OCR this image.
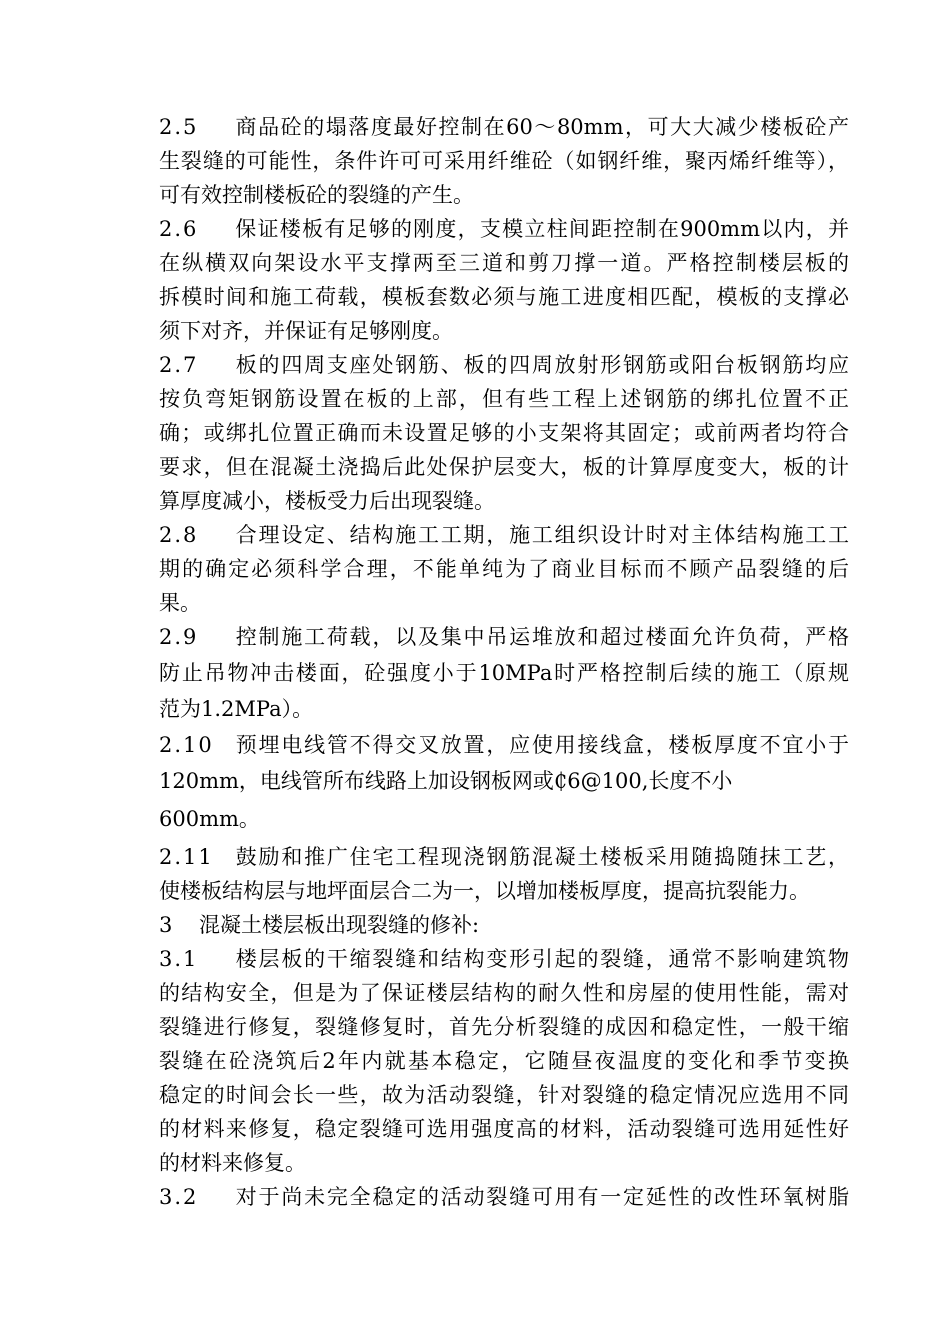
2.5 商品砼的塌落度最好控制在60～80mm，可大大减少楼板砼产
生裂缝的可能性，条件许可可采用纤维砼（如钢纤维，聚丙烯纤维等），
可有效控制楼板砼的裂缝的产生。
2.6 保证楼板有足够的刚度，支模立柱间距控制在900mm以内，并
在纵横双向架设水平支撑两至三道和剪刀撑一道。严格控制楼层板的
拆模时间和施工荷载，模板套数必须与施工进度相匹配，模板的支撑必
须下对齐，并保证有足够刚度。
2.7 板的四周支座处钢筋、板的四周放射形钢筋或阳台板钢筋均应
按负弯矩钢筋设置在板的上部，但有些工程上述钢筋的绑扎位置不正
确；或绑扎位置正确而未设置足够的小支架将其固定；或前两者均符合
要求，但在混凝土浇捣后此处保护层变大，板的计算厚度变大，板的计
算厚度减小，楼板受力后出现裂缝。
2.8 合理设定、结构施工工期，施工组织设计时对主体结构施工工
期的确定必须科学合理，不能单纯为了商业目标而不顾产品裂缝的后
果。
2.9 控制施工荷载，以及集中吊运堆放和超过楼面允许负荷，严格
防止吊物冲击楼面，砼强度小于10MPa时严格控制后续的施工（原规
范为1.2MPa）。
2.10 预埋电线管不得交叉放置，应使用接线盒，楼板厚度不宜小于
120mm，电线管所布线路上加设钢板网或₵6@100,长度不小
600mm。
2.11 鼓励和推广住宅工程现浇钢筋混凝土楼板采用随捣随抹工艺，
使楼板结构层与地坪面层合二为一，以增加楼板厚度，提高抗裂能力。
3 混凝土楼层板出现裂缝的修补:
3.1 楼层板的干缩裂缝和结构变形引起的裂缝，通常不影响建筑物
的结构安全，但是为了保证楼层结构的耐久性和房屋的使用性能，需对
裂缝进行修复，裂缝修复时，首先分析裂缝的成因和稳定性，一般干缩
裂缝在砼浇筑后2年内就基本稳定，它随昼夜温度的变化和季节变换
稳定的时间会长一些，故为活动裂缝，针对裂缝的稳定情况应选用不同
的材料来修复，稳定裂缝可选用强度高的材料，活动裂缝可选用延性好
的材料来修复。
3.2 对于尚未完全稳定的活动裂缝可用有一定延性的改性环氧树脂
